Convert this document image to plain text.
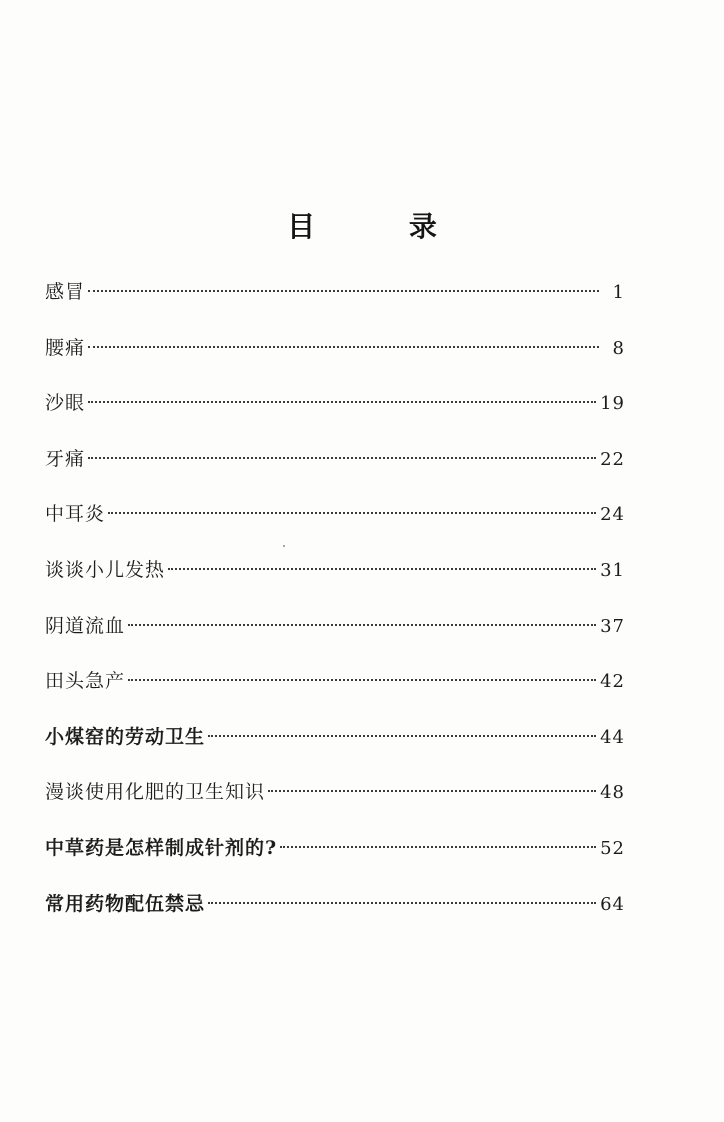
目 录
感冒	1
腰痛	8
沙眼	19
牙痛	22
中耳炎	24
谈谈小儿发热	31
阴道流血	37
田头急产	42
小煤窑的劳动卫生	44
漫谈使用化肥的卫生知识	48
中草药是怎样制成针剂的?	52
常用药物配伍禁忌	64
